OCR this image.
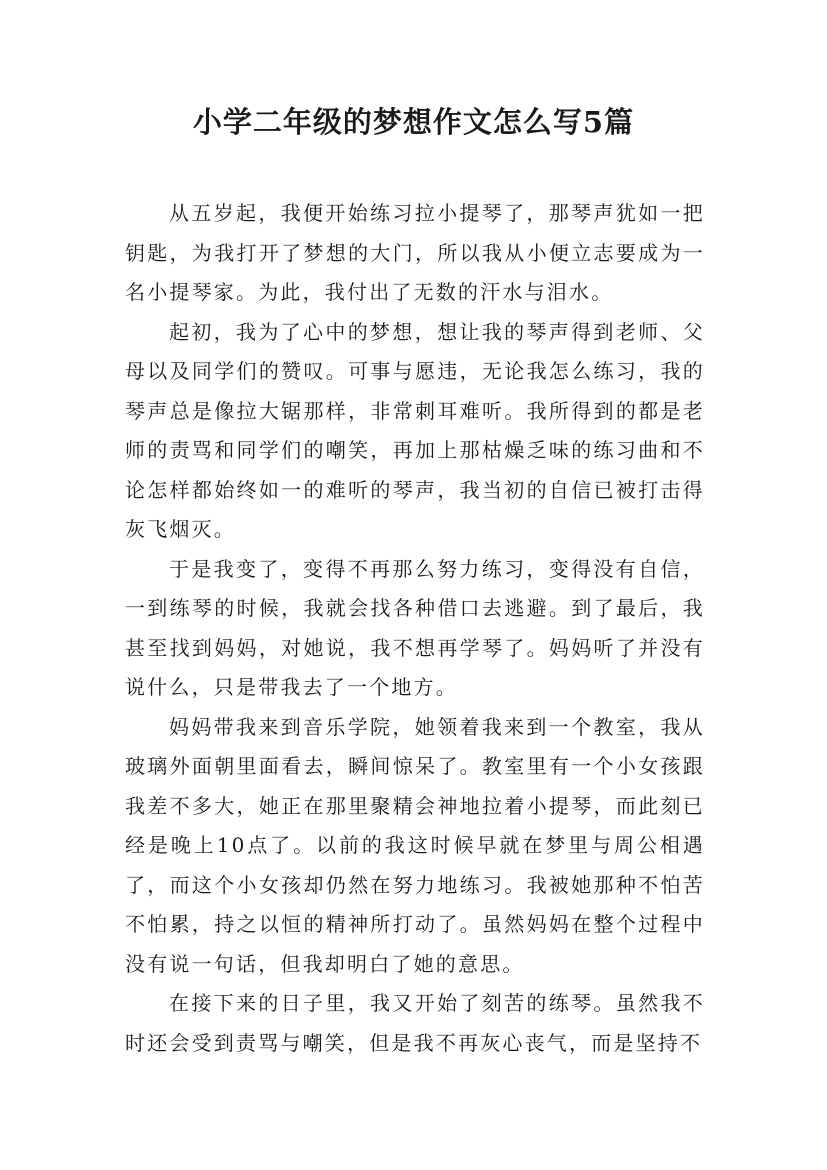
小学二年级的梦想作文怎么写5篇

从五岁起，我便开始练习拉小提琴了，那琴声犹如一把钥匙，为我打开了梦想的大门，所以我从小便立志要成为一名小提琴家。为此，我付出了无数的汗水与泪水。

起初，我为了心中的梦想，想让我的琴声得到老师、父母以及同学们的赞叹。可事与愿违，无论我怎么练习，我的琴声总是像拉大锯那样，非常刺耳难听。我所得到的都是老师的责骂和同学们的嘲笑，再加上那枯燥乏味的练习曲和不论怎样都始终如一的难听的琴声，我当初的自信已被打击得灰飞烟灭。

于是我变了，变得不再那么努力练习，变得没有自信，一到练琴的时候，我就会找各种借口去逃避。到了最后，我甚至找到妈妈，对她说，我不想再学琴了。妈妈听了并没有说什么，只是带我去了一个地方。

妈妈带我来到音乐学院，她领着我来到一个教室，我从玻璃外面朝里面看去，瞬间惊呆了。教室里有一个小女孩跟我差不多大，她正在那里聚精会神地拉着小提琴，而此刻已经是晚上10点了。以前的我这时候早就在梦里与周公相遇了，而这个小女孩却仍然在努力地练习。我被她那种不怕苦不怕累，持之以恒的精神所打动了。虽然妈妈在整个过程中没有说一句话，但我却明白了她的意思。

在接下来的日子里，我又开始了刻苦的练琴。虽然我不时还会受到责骂与嘲笑，但是我不再灰心丧气，而是坚持不
